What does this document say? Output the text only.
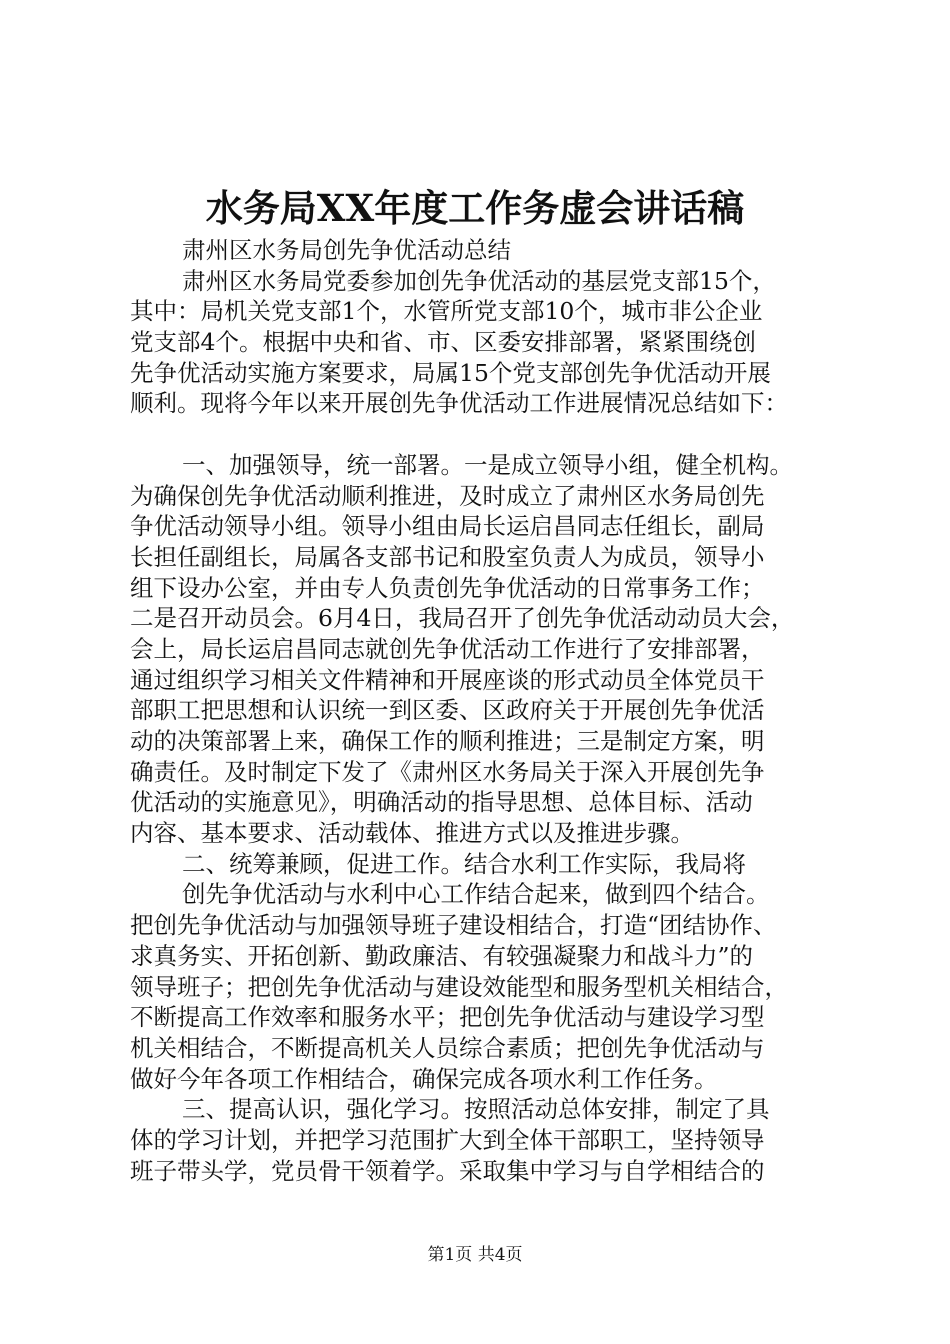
水务局XX年度工作务虚会讲话稿
肃州区水务局创先争优活动总结
肃州区水务局党委参加创先争优活动的基层党支部15个，
其中：局机关党支部1个，水管所党支部10个，城市非公企业
党支部4个。根据中央和省、市、区委安排部署，紧紧围绕创
先争优活动实施方案要求，局属15个党支部创先争优活动开展
顺利。现将今年以来开展创先争优活动工作进展情况总结如下：
一、加强领导，统一部署。一是成立领导小组，健全机构。
为确保创先争优活动顺利推进，及时成立了肃州区水务局创先
争优活动领导小组。领导小组由局长运启昌同志任组长，副局
长担任副组长，局属各支部书记和股室负责人为成员，领导小
组下设办公室，并由专人负责创先争优活动的日常事务工作；
二是召开动员会。6月4日，我局召开了创先争优活动动员大会，
会上，局长运启昌同志就创先争优活动工作进行了安排部署，
通过组织学习相关文件精神和开展座谈的形式动员全体党员干
部职工把思想和认识统一到区委、区政府关于开展创先争优活
动的决策部署上来，确保工作的顺利推进；三是制定方案，明
确责任。及时制定下发了《肃州区水务局关于深入开展创先争
优活动的实施意见》，明确活动的指导思想、总体目标、活动
内容、基本要求、活动载体、推进方式以及推进步骤。
二、统筹兼顾，促进工作。结合水利工作实际，我局将
创先争优活动与水利中心工作结合起来，做到四个结合。
把创先争优活动与加强领导班子建设相结合，打造“团结协作、
求真务实、开拓创新、勤政廉洁、有较强凝聚力和战斗力”的
领导班子；把创先争优活动与建设效能型和服务型机关相结合，
不断提高工作效率和服务水平；把创先争优活动与建设学习型
机关相结合，不断提高机关人员综合素质；把创先争优活动与
做好今年各项工作相结合，确保完成各项水利工作任务。
三、提高认识，强化学习。按照活动总体安排，制定了具
体的学习计划，并把学习范围扩大到全体干部职工，坚持领导
班子带头学，党员骨干领着学。采取集中学习与自学相结合的
第1页 共4页
